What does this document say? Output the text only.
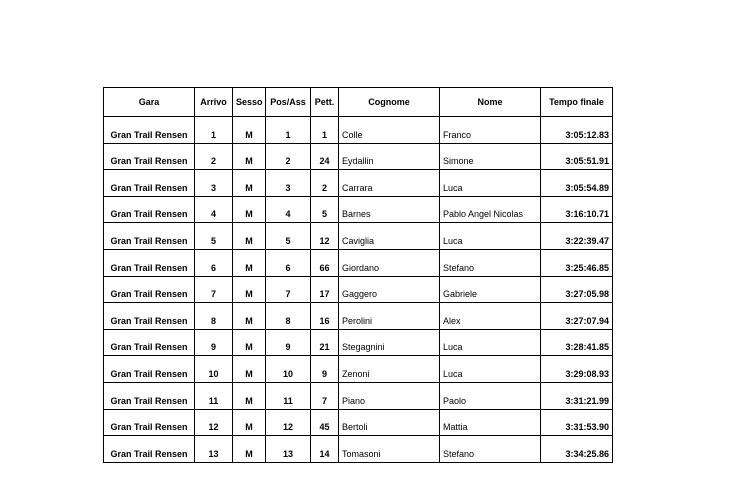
Gara	Arrivo	Sesso	Pos/Ass	Pett.	Cognome	Nome	Tempo finale
Gran Trail Rensen	1	M	1	1	Colle	Franco	3:05:12.83
Gran Trail Rensen	2	M	2	24	Eydallin	Simone	3:05:51.91
Gran Trail Rensen	3	M	3	2	Carrara	Luca	3:05:54.89
Gran Trail Rensen	4	M	4	5	Barnes	Pablo Angel Nicolas	3:16:10.71
Gran Trail Rensen	5	M	5	12	Caviglia	Luca	3:22:39.47
Gran Trail Rensen	6	M	6	66	Giordano	Stefano	3:25:46.85
Gran Trail Rensen	7	M	7	17	Gaggero	Gabriele	3:27:05.98
Gran Trail Rensen	8	M	8	16	Perolini	Alex	3:27:07.94
Gran Trail Rensen	9	M	9	21	Stegagnini	Luca	3:28:41.85
Gran Trail Rensen	10	M	10	9	Zenoni	Luca	3:29:08.93
Gran Trail Rensen	11	M	11	7	Piano	Paolo	3:31:21.99
Gran Trail Rensen	12	M	12	45	Bertoli	Mattia	3:31:53.90
Gran Trail Rensen	13	M	13	14	Tomasoni	Stefano	3:34:25.86
